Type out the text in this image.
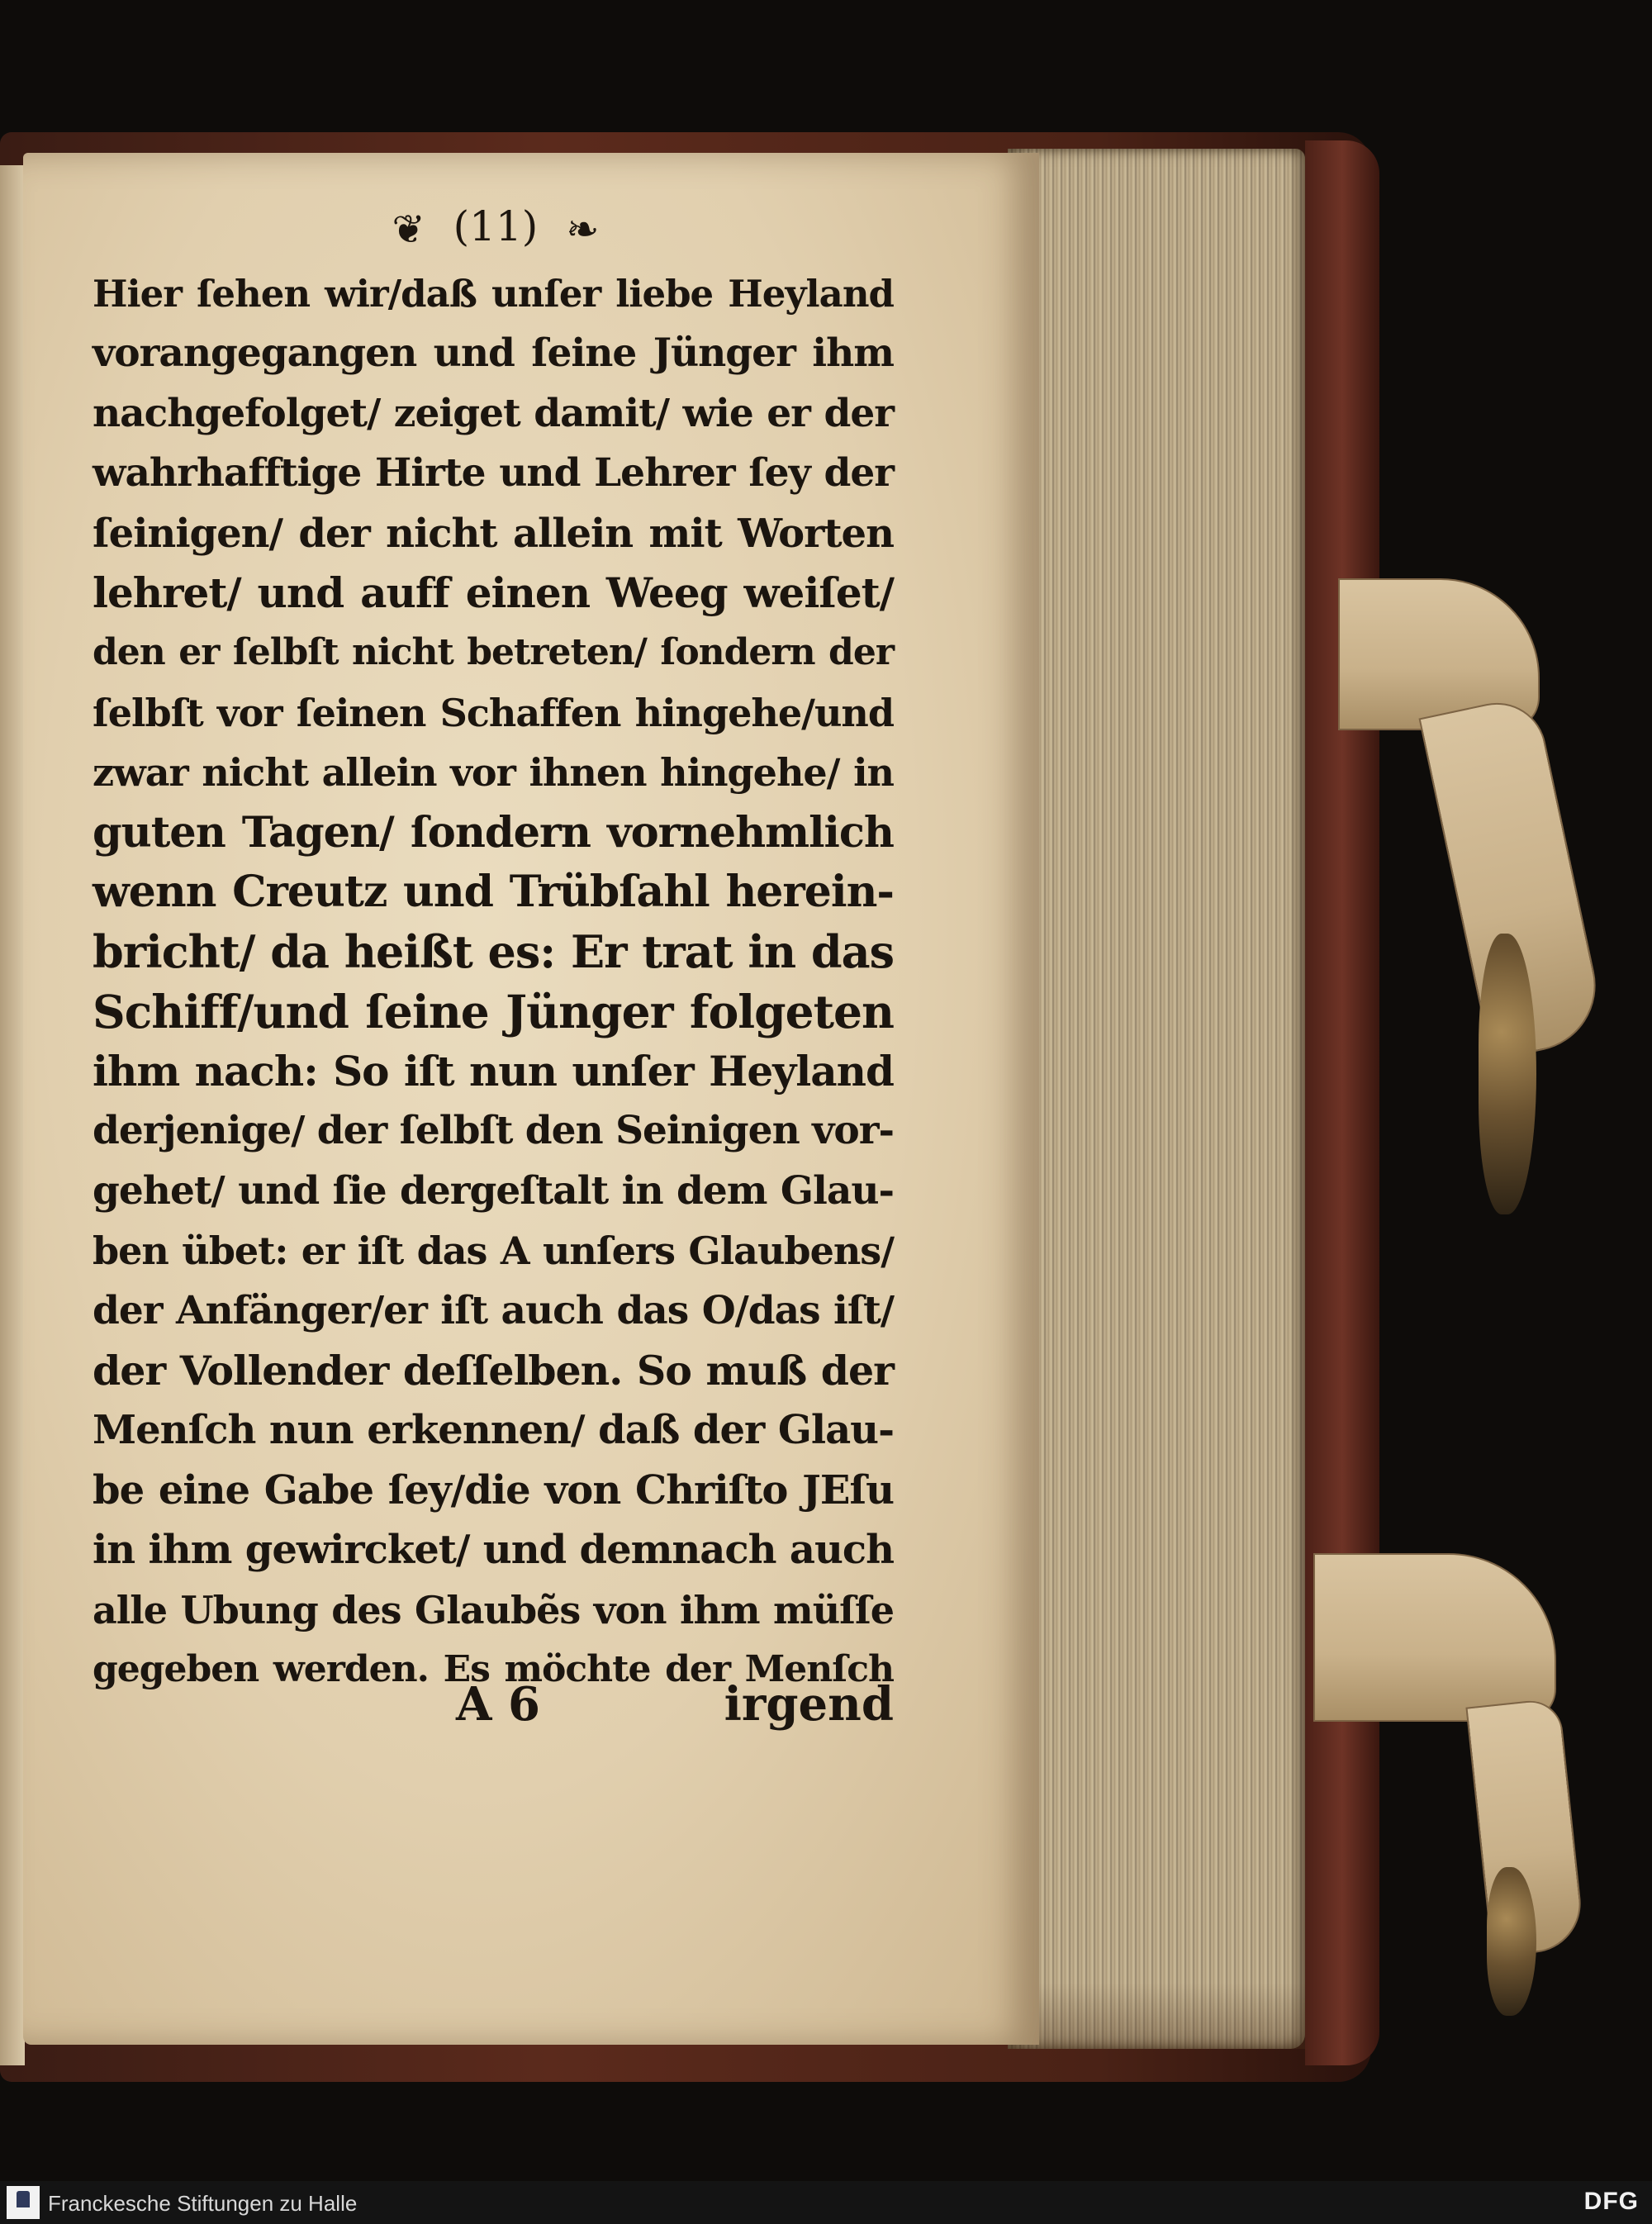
❦ (11) ❧
Hier ſehen wir/daß unſer liebe Heyland
vorangegangen und ſeine Jünger ihm
nachgefolget/ zeiget damit/ wie er der
wahrhafftige Hirte und Lehrer ſey der
ſeinigen/ der nicht allein mit Worten
lehret/ und auff einen Weeg weiſet/
den er ſelbſt nicht betreten/ ſondern der
ſelbſt vor ſeinen Schaffen hingehe/und
zwar nicht allein vor ihnen hingehe/ in
guten Tagen/ ſondern vornehmlich
wenn Creutz und Trübſahl herein-
bricht/ da heißt es: Er trat in das
Schiff/und ſeine Jünger folgeten
ihm nach: So iſt nun unſer Heyland
derjenige/ der ſelbſt den Seinigen vor-
gehet/ und ſie dergeſtalt in dem Glau-
ben übet: er iſt das A unſers Glaubens/
der Anfänger/er iſt auch das O/das iſt/
der Vollender deſſelben. So muß der
Menſch nun erkennen/ daß der Glau-
be eine Gabe ſey/die von Chriſto JEſu
in ihm gewircket/ und demnach auch
alle Ubung des Glaubẽs von ihm müſſe
gegeben werden. Es möchte der Menſch
A 6	irgend
Franckesche Stiftungen zu Halle	DFG
